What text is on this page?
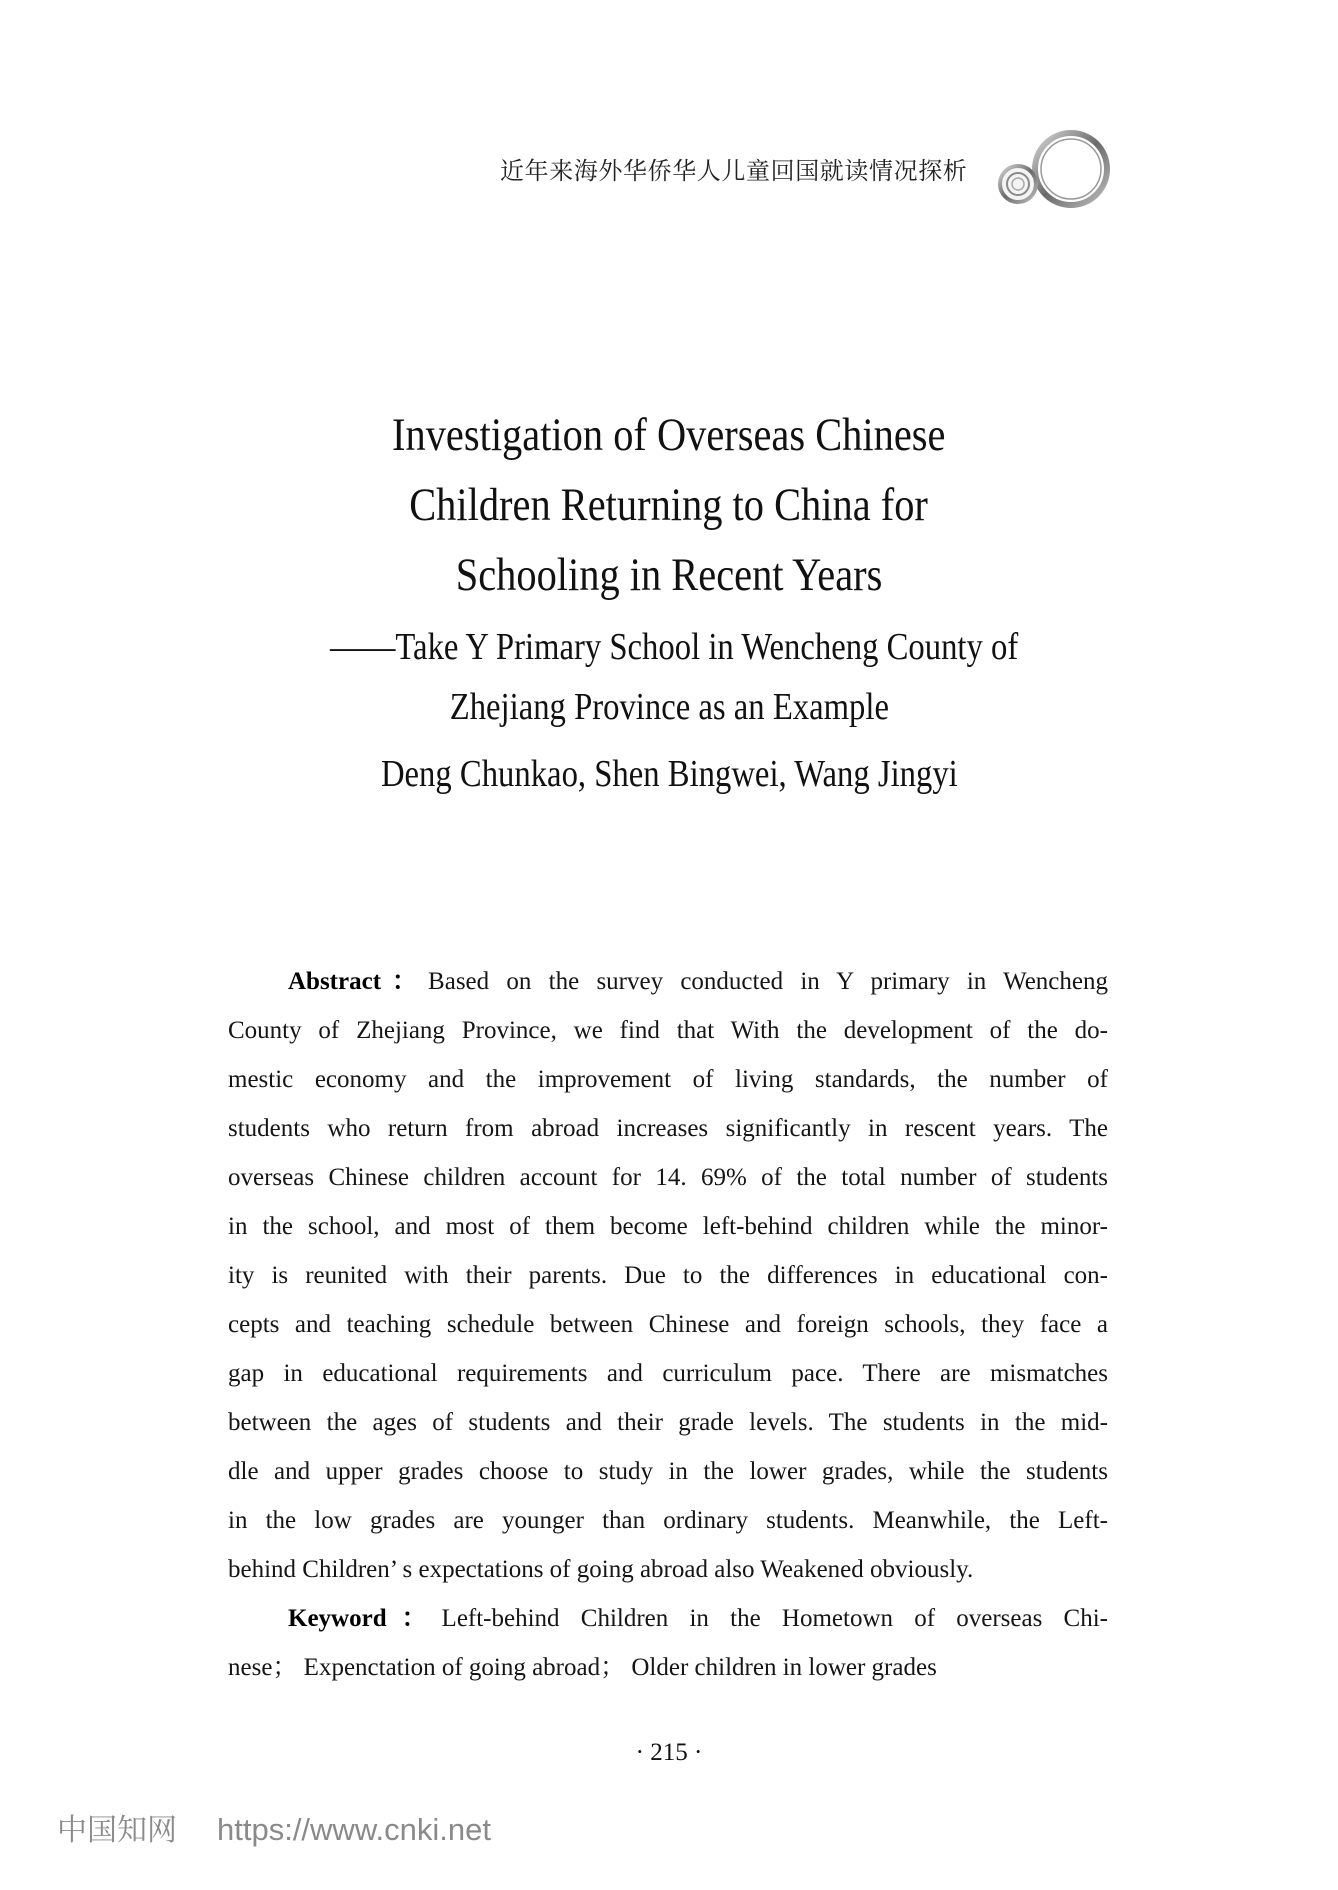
近年来海外华侨华人儿童回国就读情况探析
Investigation of Overseas Chinese
Children Returning to China for
Schooling in Recent Years
——Take Y Primary School in Wencheng County of
Zhejiang Province as an Example
Deng Chunkao, Shen Bingwei, Wang Jingyi
Abstract：Based on the survey conducted in Y primary in Wencheng
County of Zhejiang Province, we find that With the development of the do-
mestic economy and the improvement of living standards, the number of
students who return from abroad increases significantly in rescent years. The
overseas Chinese children account for 14. 69% of the total number of students
in the school, and most of them become left-behind children while the minor-
ity is reunited with their parents. Due to the differences in educational con-
cepts and teaching schedule between Chinese and foreign schools, they face a
gap in educational requirements and curriculum pace. There are mismatches
between the ages of students and their grade levels. The students in the mid-
dle and upper grades choose to study in the lower grades, while the students
in the low grades are younger than ordinary students. Meanwhile, the Left-
behind Children’ s expectations of going abroad also Weakened obviously.
Keyword：Left-behind Children in the Hometown of overseas Chi-
nese； Expenctation of going abroad； Older children in lower grades
· 215 ·
中国知网 https://www.cnki.net
